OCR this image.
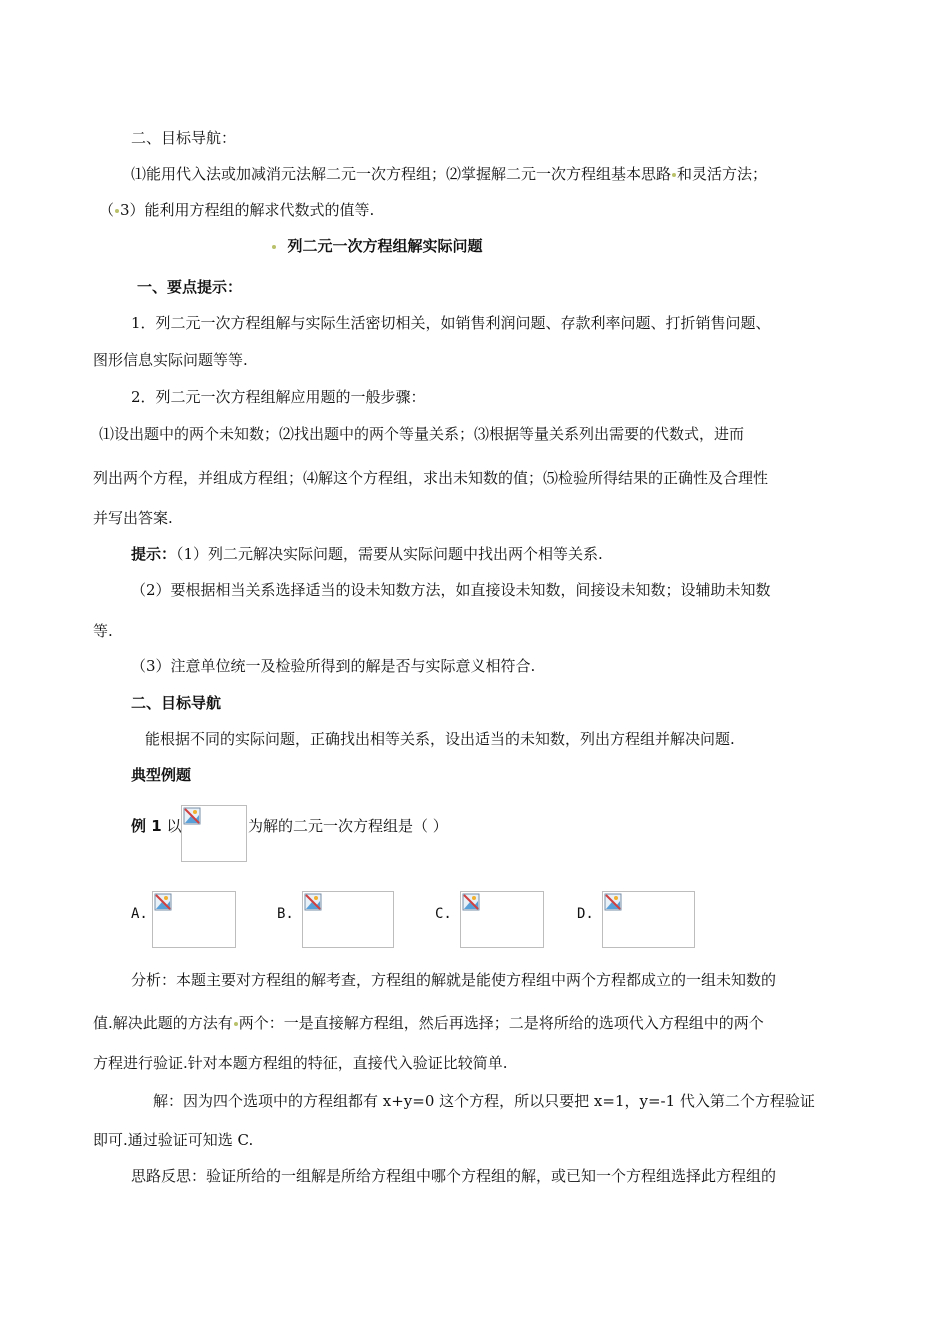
二、目标导航：
⑴能用代入法或加减消元法解二元一次方程组；⑵掌握解二元一次方程组基本思路 和灵活方法；
（ 3）能利用方程组的解求代数式的值等.
列二元一次方程组解实际问题
一、要点提示：
1．列二元一次方程组解与实际生活密切相关，如销售利润问题、存款利率问题、打折销售问题、
图形信息实际问题等等.
2．列二元一次方程组解应用题的一般步骤：
⑴设出题中的两个未知数；⑵找出题中的两个等量关系；⑶根据等量关系列出需要的代数式，进而
列出两个方程，并组成方程组；⑷解这个方程组，求出未知数的值；⑸检验所得结果的正确性及合理性
并写出答案.
提示：（1）列二元解决实际问题，需要从实际问题中找出两个相等关系.
（2）要根据相当关系选择适当的设未知数方法，如直接设未知数，间接设未知数；设辅助未知数
等.
（3）注意单位统一及检验所得到的解是否与实际意义相符合.
二、目标导航
能根据不同的实际问题，正确找出相等关系，设出适当的未知数，列出方程组并解决问题.
典型例题
例 1 以	为解的二元一次方程组是（ ）
A.	B.	C.	D.
分析：本题主要对方程组的解考查，方程组的解就是能使方程组中两个方程都成立的一组未知数的
值.解决此题的方法有 两个：一是直接解方程组，然后再选择；二是将所给的选项代入方程组中的两个
方程进行验证.针对本题方程组的特征，直接代入验证比较简单.
解：因为四个选项中的方程组都有 x+y=0 这个方程，所以只要把 x=1，y=-1 代入第二个方程验证
即可.通过验证可知选 C.
思路反思：验证所给的一组解是所给方程组中哪个方程组的解，或已知一个方程组选择此方程组的
